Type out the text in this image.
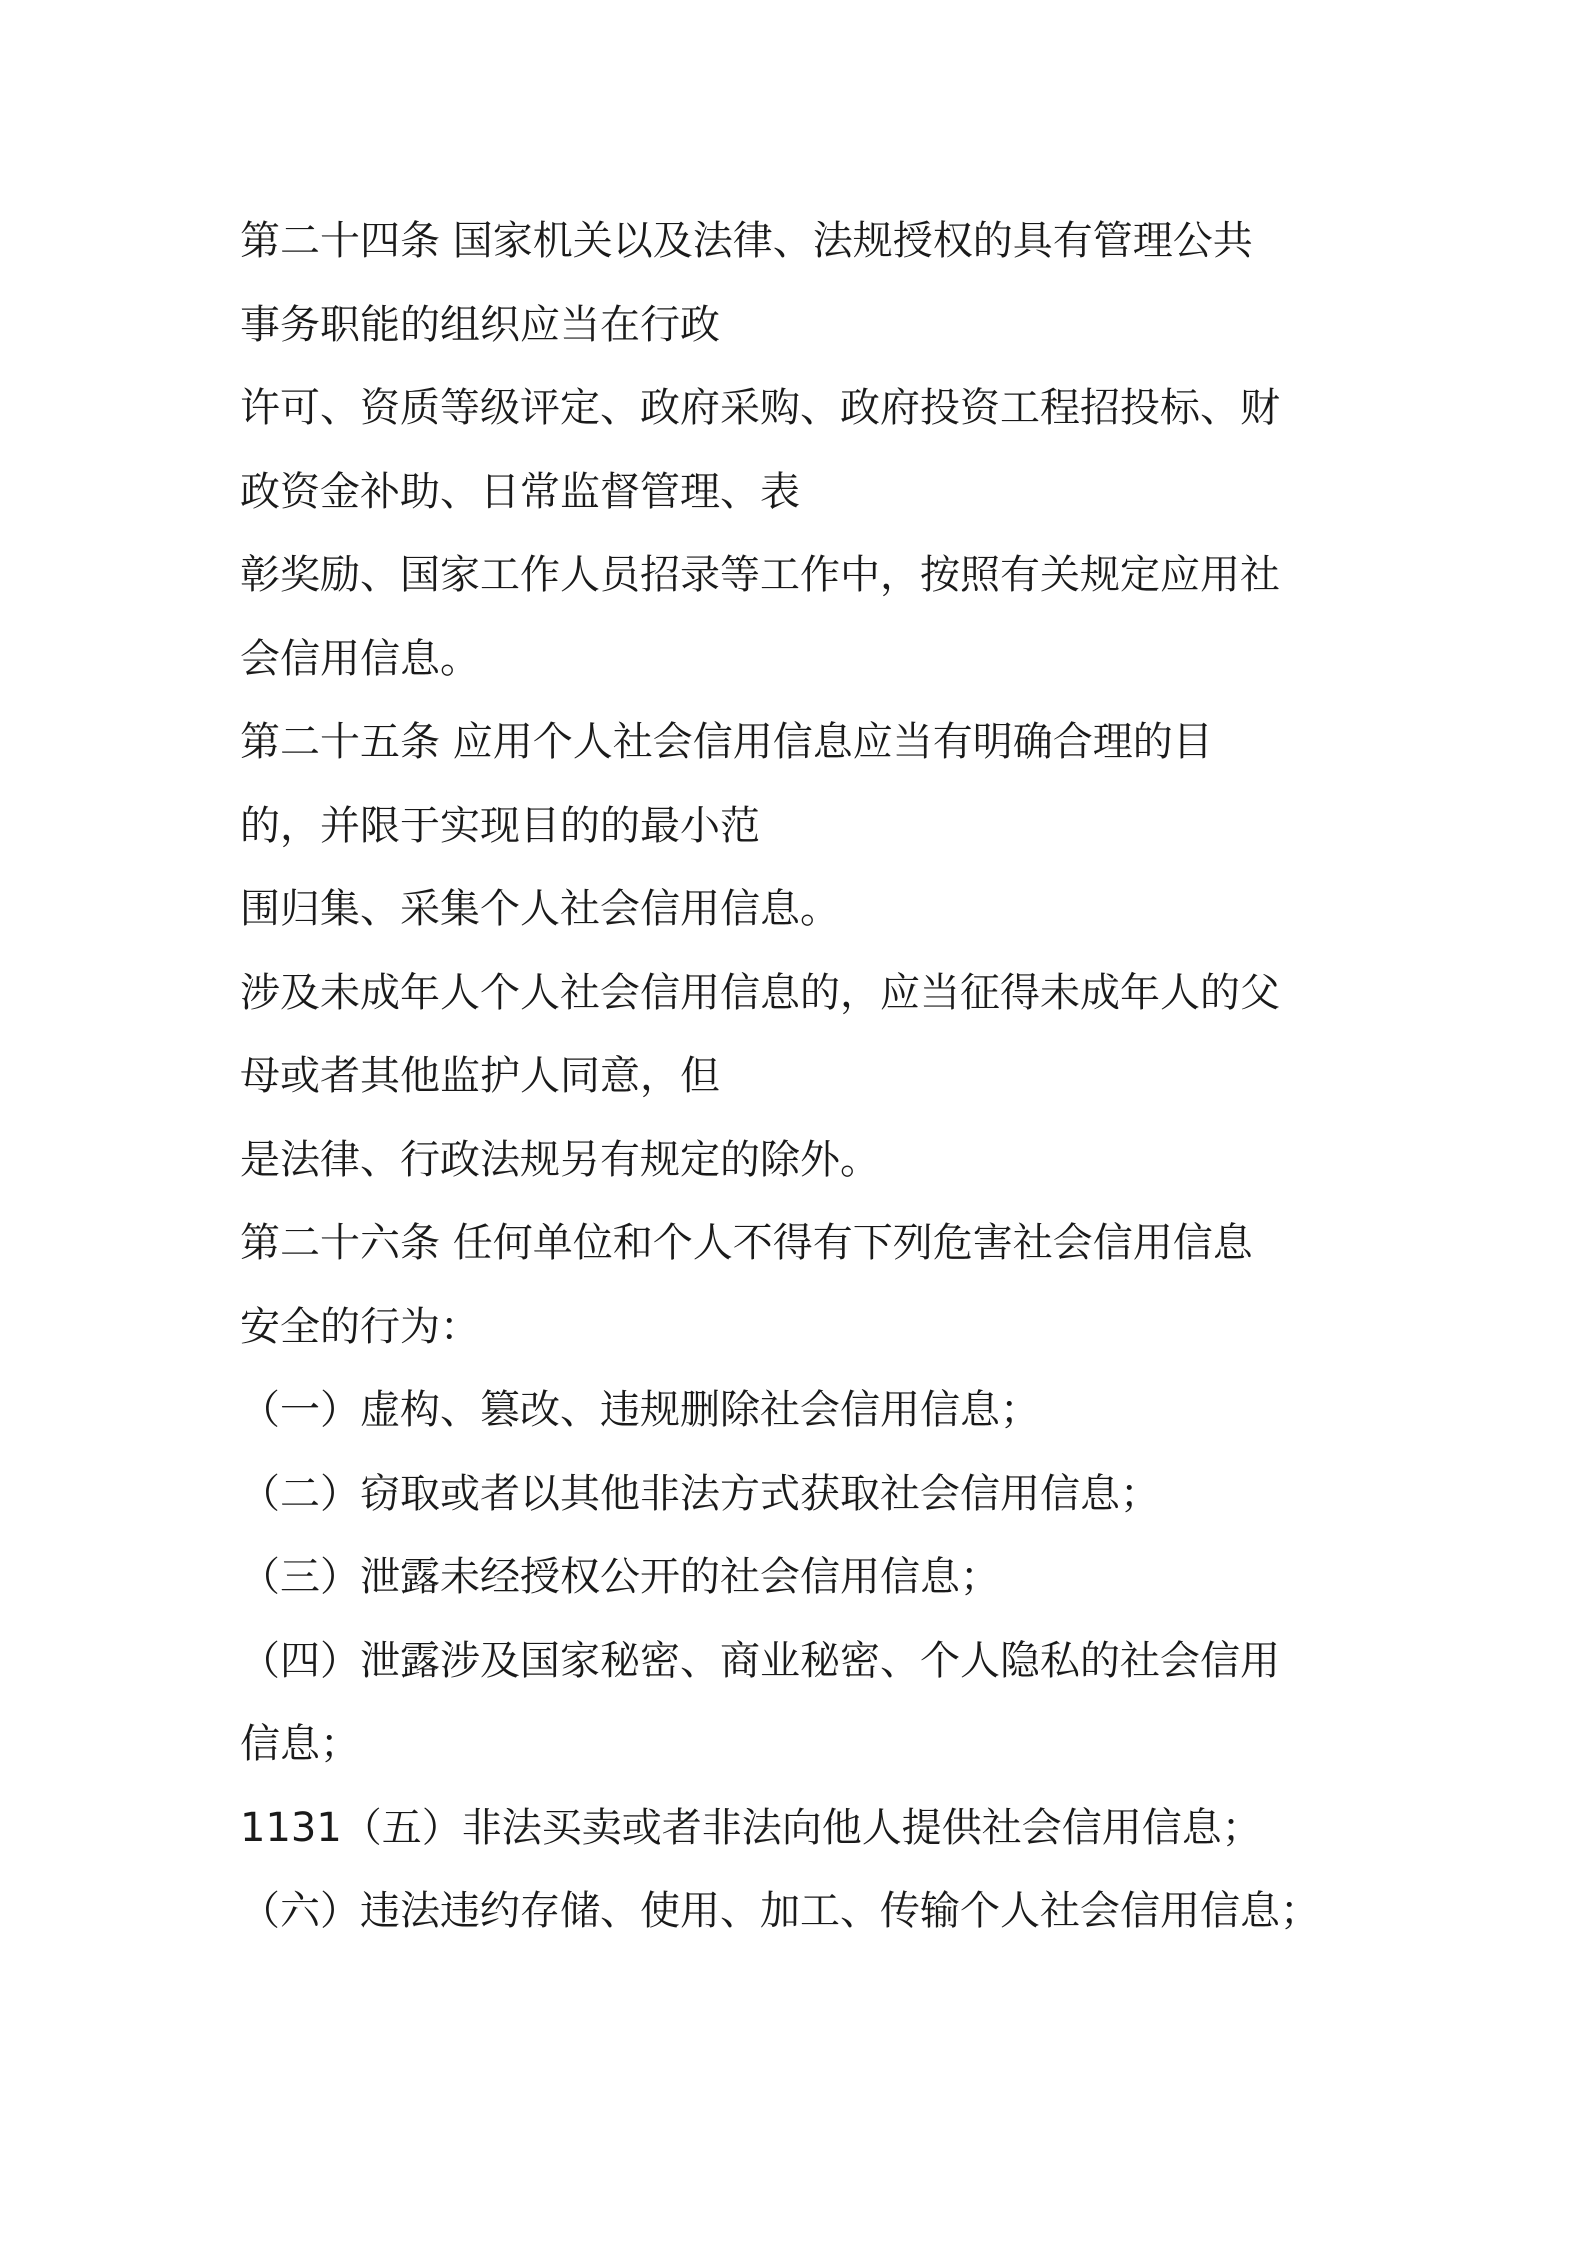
第二十四条 国家机关以及法律、法规授权的具有管理公共
事务职能的组织应当在行政
许可、资质等级评定、政府采购、政府投资工程招投标、财
政资金补助、日常监督管理、表
彰奖励、国家工作人员招录等工作中，按照有关规定应用社
会信用信息。
第二十五条 应用个人社会信用信息应当有明确合理的目
的，并限于实现目的的最小范
围归集、采集个人社会信用信息。
涉及未成年人个人社会信用信息的，应当征得未成年人的父
母或者其他监护人同意，但
是法律、行政法规另有规定的除外。
第二十六条 任何单位和个人不得有下列危害社会信用信息
安全的行为：
（一）虚构、篡改、违规删除社会信用信息；
（二）窃取或者以其他非法方式获取社会信用信息；
（三）泄露未经授权公开的社会信用信息；
（四）泄露涉及国家秘密、商业秘密、个人隐私的社会信用
信息；
1131（五）非法买卖或者非法向他人提供社会信用信息；
（六）违法违约存储、使用、加工、传输个人社会信用信息；
